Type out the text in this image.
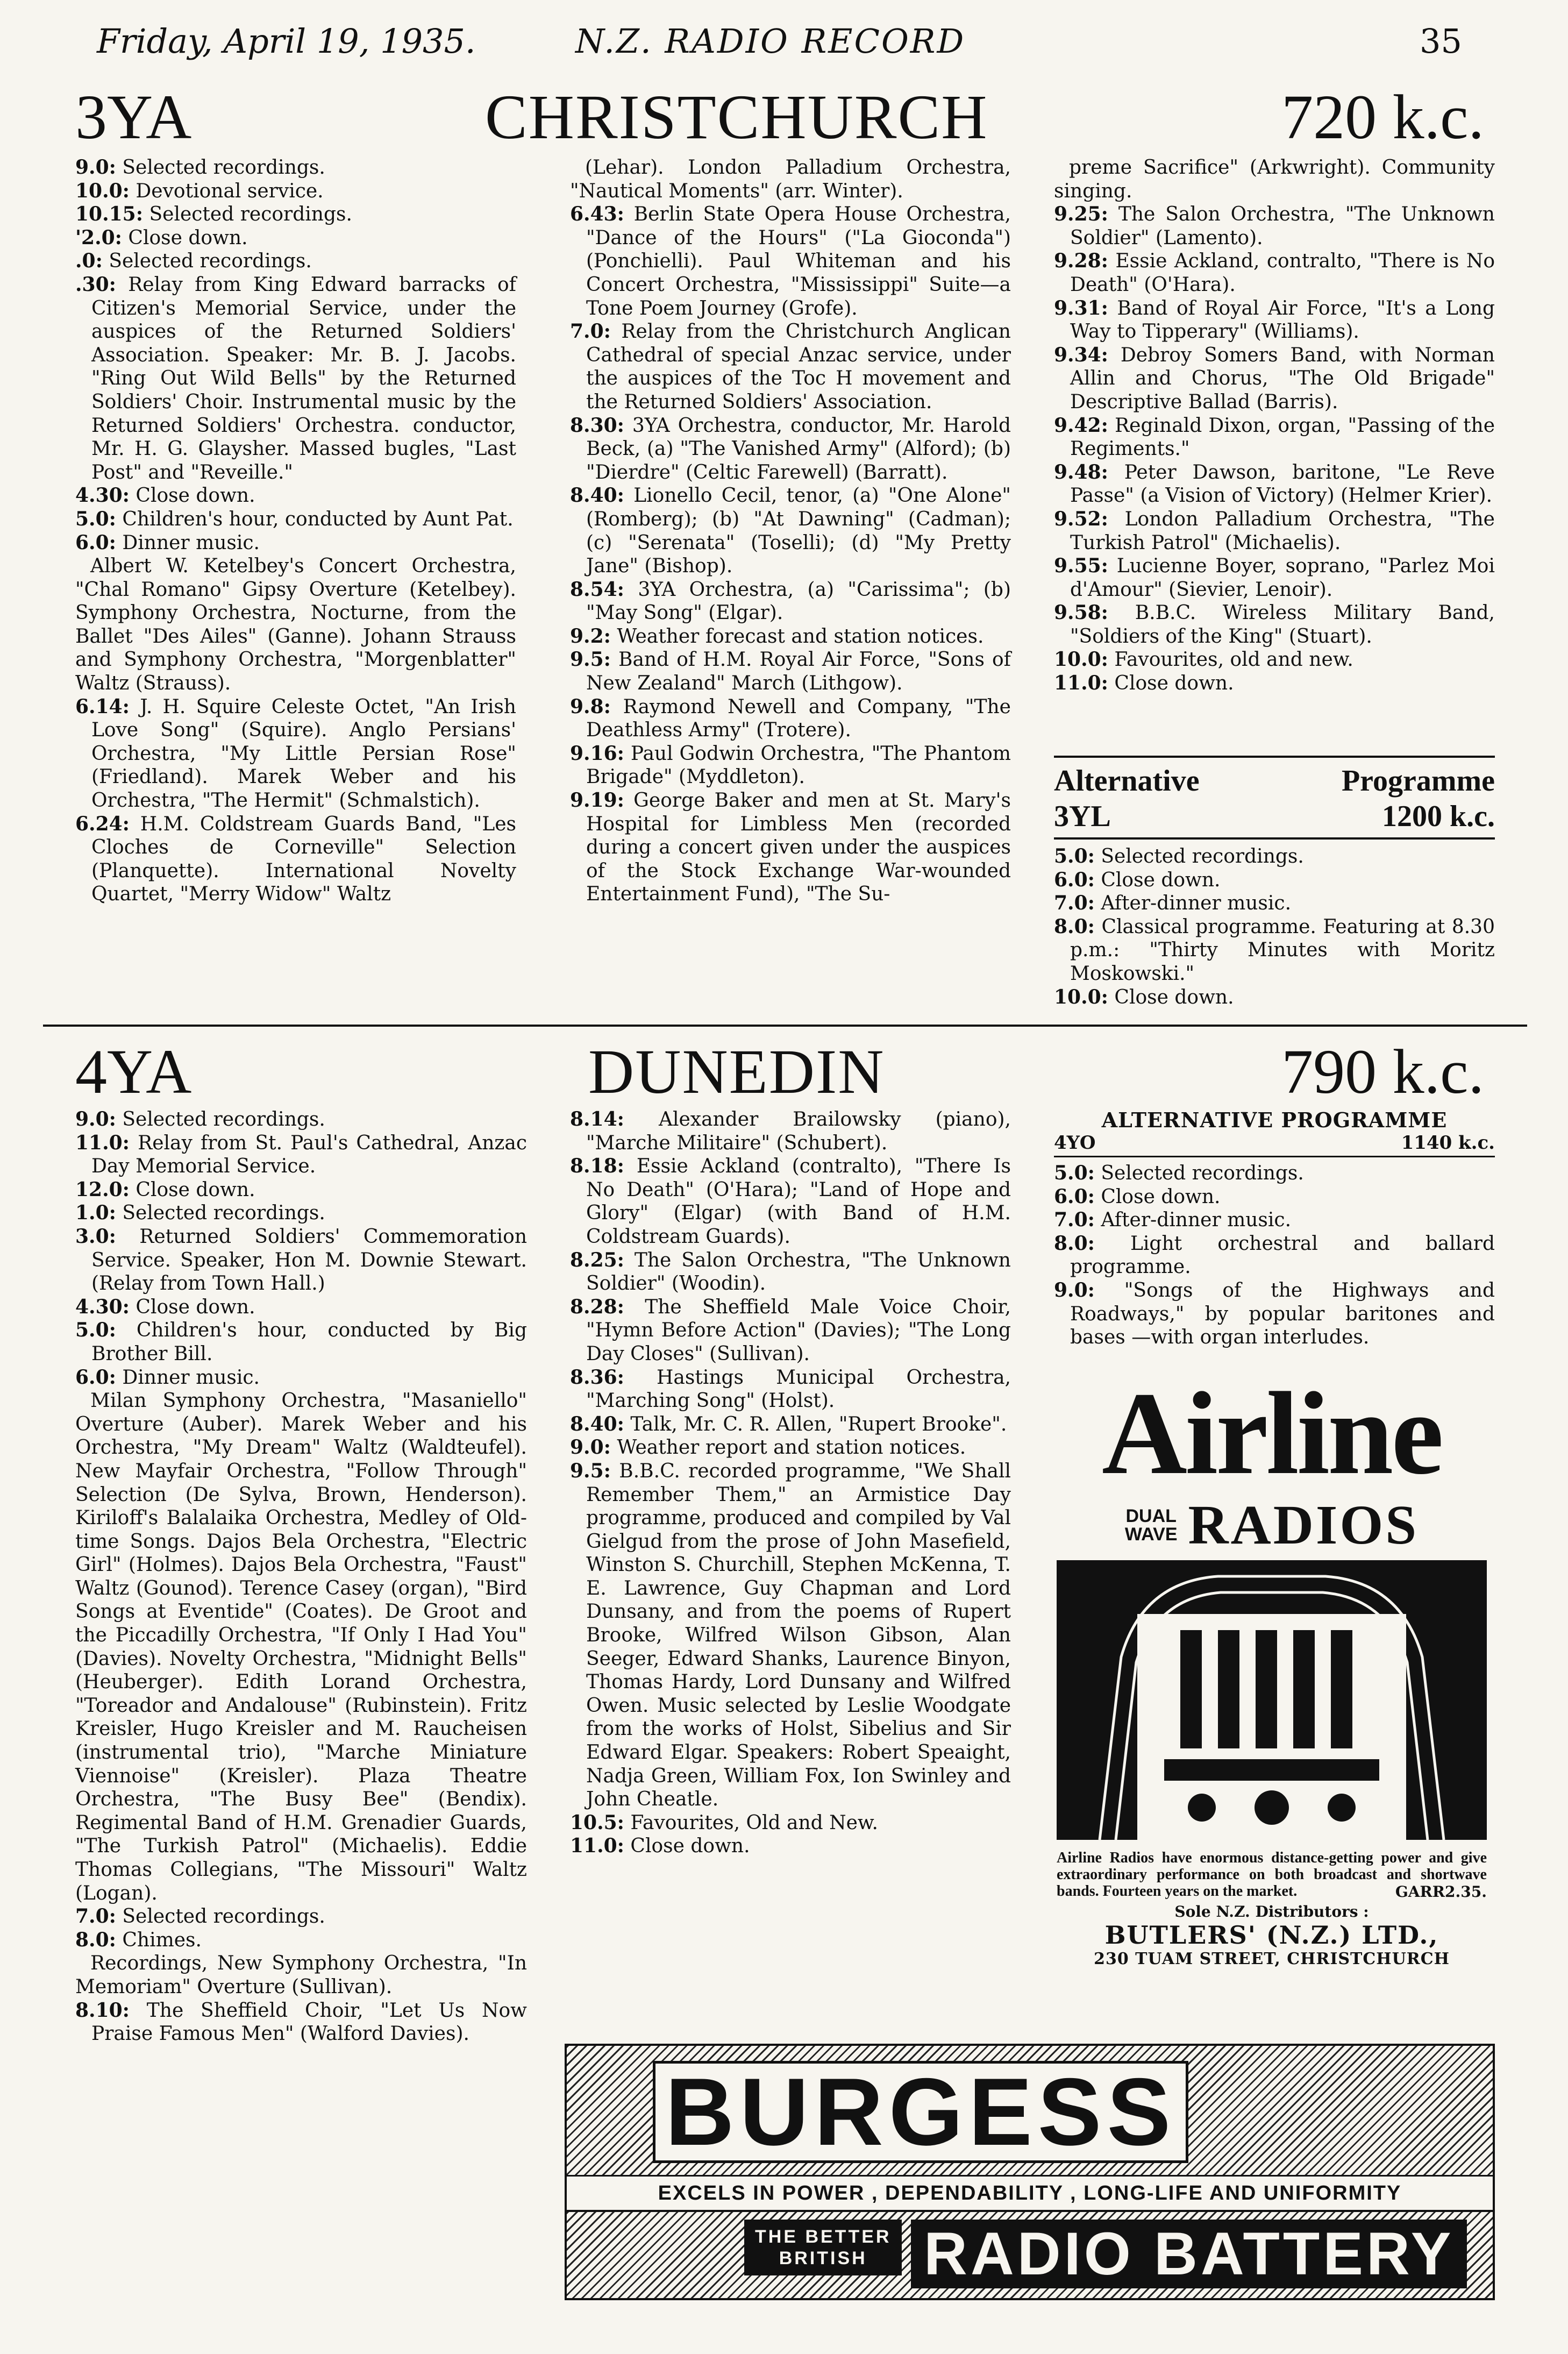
Friday, April 19, 1935.	N.Z. RADIO RECORD	35
3YA	CHRISTCHURCH	720 k.c.

9.0: Selected recordings.

10.0: Devotional service.

10.15: Selected recordings.

'2.0: Close down.

.0: Selected recordings.

.30: Relay from King Edward barracks of Citizen's Memorial Service, under the auspices of the Returned Soldiers' Association. Speaker: Mr. B. J. Jacobs. "Ring Out Wild Bells" by the Returned Soldiers' Choir. Instrumental music by the Returned Soldiers' Orchestra. conductor, Mr. H. G. Glaysher. Massed bugles, "Last Post" and "Reveille."

4.30: Close down.

5.0: Children's hour, conducted by Aunt Pat.

6.0: Dinner music.

Albert W. Ketelbey's Concert Orchestra, "Chal Romano" Gipsy Overture (Ketelbey). Symphony Orchestra, Nocturne, from the Ballet "Des Ailes" (Ganne). Johann Strauss and Symphony Orchestra, "Morgenblatter" Waltz (Strauss).

6.14: J. H. Squire Celeste Octet, "An Irish Love Song" (Squire). Anglo Persians' Orchestra, "My Little Persian Rose" (Friedland). Marek Weber and his Orchestra, "The Hermit" (Schmalstich).

6.24: H.M. Coldstream Guards Band, "Les Cloches de Corneville" Selection (Planquette). International Novelty Quartet, "Merry Widow" Waltz

(Lehar). London Palladium Orchestra, "Nautical Moments" (arr. Winter).

6.43: Berlin State Opera House Orchestra, "Dance of the Hours" ("La Gioconda") (Ponchielli). Paul Whiteman and his Concert Orchestra, "Mississippi" Suite—a Tone Poem Journey (Grofe).

7.0: Relay from the Christchurch Anglican Cathedral of special Anzac service, under the auspices of the Toc H movement and the Returned Soldiers' Association.

8.30: 3YA Orchestra, conductor, Mr. Harold Beck, (a) "The Vanished Army" (Alford); (b) "Dierdre" (Celtic Farewell) (Barratt).

8.40: Lionello Cecil, tenor, (a) "One Alone" (Romberg); (b) "At Dawning" (Cadman); (c) "Serenata" (Toselli); (d) "My Pretty Jane" (Bishop).

8.54: 3YA Orchestra, (a) "Carissima"; (b) "May Song" (Elgar).

9.2: Weather forecast and station notices.

9.5: Band of H.M. Royal Air Force, "Sons of New Zealand" March (Lithgow).

9.8: Raymond Newell and Company, "The Deathless Army" (Trotere).

9.16: Paul Godwin Orchestra, "The Phantom Brigade" (Myddleton).

9.19: George Baker and men at St. Mary's Hospital for Limbless Men (recorded during a concert given under the auspices of the Stock Exchange War-wounded Entertainment Fund), "The Su-

preme Sacrifice" (Arkwright). Community singing.

9.25: The Salon Orchestra, "The Unknown Soldier" (Lamento).

9.28: Essie Ackland, contralto, "There is No Death" (O'Hara).

9.31: Band of Royal Air Force, "It's a Long Way to Tipperary" (Williams).

9.34: Debroy Somers Band, with Norman Allin and Chorus, "The Old Brigade" Descriptive Ballad (Barris).

9.42: Reginald Dixon, organ, "Passing of the Regiments."

9.48: Peter Dawson, baritone, "Le Reve Passe" (a Vision of Victory) (Helmer Krier).

9.52: London Palladium Orchestra, "The Turkish Patrol" (Michaelis).

9.55: Lucienne Boyer, soprano, "Parlez Moi d'Amour" (Sievier, Lenoir).

9.58: B.B.C. Wireless Military Band, "Soldiers of the King" (Stuart).

10.0: Favourites, old and new.

11.0: Close down.

Alternative	Programme
3YL	1200 k.c.

5.0: Selected recordings.

6.0: Close down.

7.0: After-dinner music.

8.0: Classical programme. Featuring at 8.30 p.m.: "Thirty Minutes with Moritz Moskowski."

10.0: Close down.

4YA	DUNEDIN	790 k.c.

9.0: Selected recordings.

11.0: Relay from St. Paul's Cathedral, Anzac Day Memorial Service.

12.0: Close down.

1.0: Selected recordings.

3.0: Returned Soldiers' Commemoration Service. Speaker, Hon M. Downie Stewart. (Relay from Town Hall.)

4.30: Close down.

5.0: Children's hour, conducted by Big Brother Bill.

6.0: Dinner music.

Milan Symphony Orchestra, "Masaniello" Overture (Auber). Marek Weber and his Orchestra, "My Dream" Waltz (Waldteufel). New Mayfair Orchestra, "Follow Through" Selection (De Sylva, Brown, Henderson). Kiriloff's Balalaika Orchestra, Medley of Old-time Songs. Dajos Bela Orchestra, "Electric Girl" (Holmes). Dajos Bela Orchestra, "Faust" Waltz (Gounod). Terence Casey (organ), "Bird Songs at Eventide" (Coates). De Groot and the Piccadilly Orchestra, "If Only I Had You" (Davies). Novelty Orchestra, "Midnight Bells" (Heuberger). Edith Lorand Orchestra, "Toreador and Andalouse" (Rubinstein). Fritz Kreisler, Hugo Kreisler and M. Raucheisen (instrumental trio), "Marche Miniature Viennoise" (Kreisler). Plaza Theatre Orchestra, "The Busy Bee" (Bendix). Regimental Band of H.M. Grenadier Guards, "The Turkish Patrol" (Michaelis). Eddie Thomas Collegians, "The Missouri" Waltz (Logan).

7.0: Selected recordings.

8.0: Chimes.

Recordings, New Symphony Orchestra, "In Memoriam" Overture (Sullivan).

8.10: The Sheffield Choir, "Let Us Now Praise Famous Men" (Walford Davies).

8.14: Alexander Brailowsky (piano), "Marche Militaire" (Schubert).

8.18: Essie Ackland (contralto), "There Is No Death" (O'Hara); "Land of Hope and Glory" (Elgar) (with Band of H.M. Coldstream Guards).

8.25: The Salon Orchestra, "The Unknown Soldier" (Woodin).

8.28: The Sheffield Male Voice Choir, "Hymn Before Action" (Davies); "The Long Day Closes" (Sullivan).

8.36: Hastings Municipal Orchestra, "Marching Song" (Holst).

8.40: Talk, Mr. C. R. Allen, "Rupert Brooke".

9.0: Weather report and station notices.

9.5: B.B.C. recorded programme, "We Shall Remember Them," an Armistice Day programme, produced and compiled by Val Gielgud from the prose of John Masefield, Winston S. Churchill, Stephen McKenna, T. E. Lawrence, Guy Chapman and Lord Dunsany, and from the poems of Rupert Brooke, Wilfred Wilson Gibson, Alan Seeger, Edward Shanks, Laurence Binyon, Thomas Hardy, Lord Dunsany and Wilfred Owen. Music selected by Leslie Woodgate from the works of Holst, Sibelius and Sir Edward Elgar. Speakers: Robert Speaight, Nadja Green, William Fox, Ion Swinley and John Cheatle.

10.5: Favourites, Old and New.

11.0: Close down.

ALTERNATIVE PROGRAMME
4YO	1140 k.c.

5.0: Selected recordings.

6.0: Close down.

7.0: After-dinner music.

8.0: Light orchestral and ballard programme.

9.0: "Songs of the Highways and Roadways," by popular baritones and bases —with organ interludes.

Airline
DUAL
WAVE RADIOS
Airline Radios have enormous distance-getting power and give extraordinary performance on both broadcast and shortwave bands. Fourteen years on the market.	GARR2.35.
Sole N.Z. Distributors :
BUTLERS' (N.Z.) LTD.,
230 TUAM STREET, CHRISTCHURCH
BURGESS
EXCELS IN POWER , DEPENDABILITY , LONG-LIFE AND UNIFORMITY
THE BETTER
BRITISH RADIO BATTERY
